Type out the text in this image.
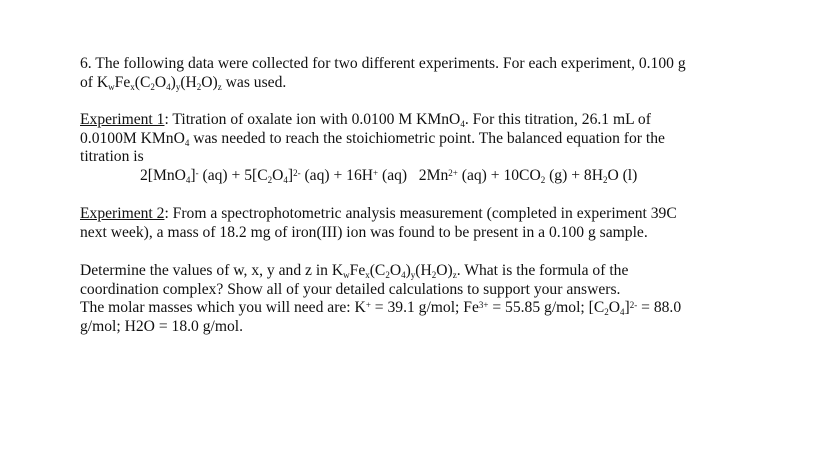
6. The following data were collected for two different experiments. For each experiment, 0.100 g
of $K_wFe_x(C_2O_4)_y(H_2O)_z$ was used.

Experiment 1: Titration of oxalate ion with 0.0100 M KMnO$_4$. For this titration, 26.1 mL of
0.0100M KMnO$_4$ was needed to reach the stoichiometric point. The balanced equation for the
titration is
2[MnO$_4$]- $(aq) + 5[C_2O_4]^{2-}$ (aq) + 16H+ (aq)   $2Mn^{2+}$ $(aq) + 10CO_2$ $(g) + 8H_2O$ (l)

Experiment 2: From a spectrophotometric analysis measurement (completed in experiment 39C
next week), a mass of 18.2 mg of iron(III) ion was found to be present in a 0.100 g sample.

Determine the values of w, x, y and z in $K_wFe_x(C_2O_4)_y(H_2O)_z$. What is the formula of the
coordination complex? Show all of your detailed calculations to support your answers.
The molar masses which you will need are: K+ = 39.1 g/mol; $Fe^{3+} = 55.85$ g/mol; $[C_2O_4]^{2-} = 88.0$
g/mol; H2O = 18.0 g/mol.
